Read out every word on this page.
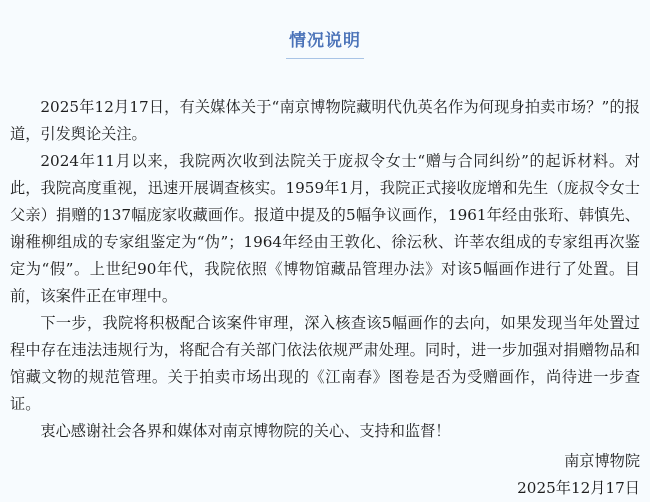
情况说明

2025年12月17日，有关媒体关于“南京博物院藏明代仇英名作为何现身拍卖市场？”的报道，引发舆论关注。

2024年11月以来，我院两次收到法院关于庞叔令女士“赠与合同纠纷”的起诉材料。对此，我院高度重视，迅速开展调查核实。1959年1月，我院正式接收庞增和先生（庞叔令女士父亲）捐赠的137幅庞家收藏画作。报道中提及的5幅争议画作，1961年经由张珩、韩慎先、谢稚柳组成的专家组鉴定为“伪”；1964年经由王敦化、徐沄秋、许莘农组成的专家组再次鉴定为“假”。上世纪90年代，我院依照《博物馆藏品管理办法》对该5幅画作进行了处置。目前，该案件正在审理中。

下一步，我院将积极配合该案件审理，深入核查该5幅画作的去向，如果发现当年处置过程中存在违法违规行为，将配合有关部门依法依规严肃处理。同时，进一步加强对捐赠物品和馆藏文物的规范管理。关于拍卖市场出现的《江南春》图卷是否为受赠画作，尚待进一步查证。

衷心感谢社会各界和媒体对南京博物院的关心、支持和监督！

南京博物院
2025年12月17日
